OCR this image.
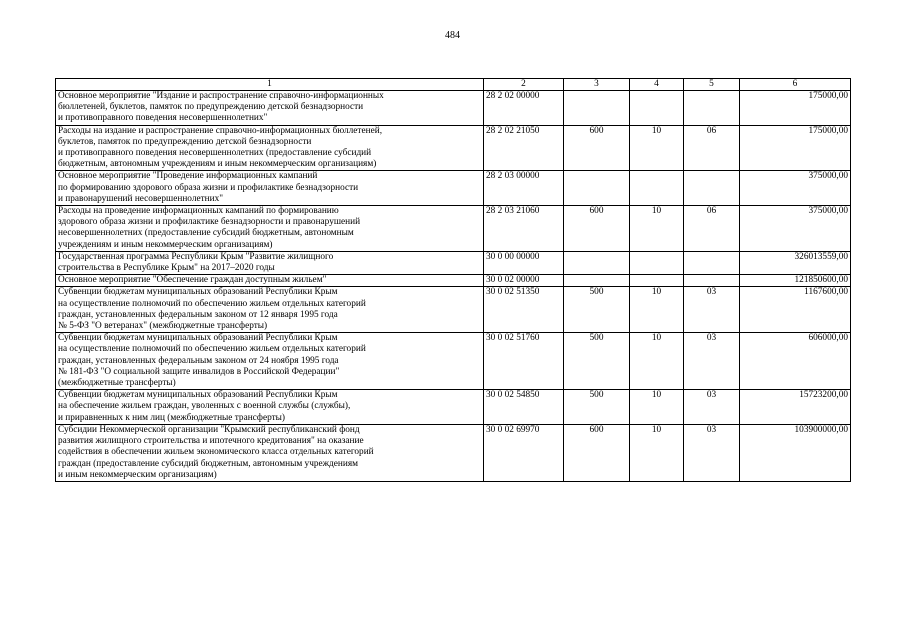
484
1	2	3	4	5	6
Основное мероприятие "Издание и распространение справочно-информационных
бюллетеней, буклетов, памяток по предупреждению детской безнадзорности
и противоправного поведения несовершеннолетних"	28 2 02 00000				175000,00
Расходы на издание и распространение справочно-информационных бюллетеней,
буклетов, памяток по предупреждению детской безнадзорности
и противоправного поведения несовершеннолетних (предоставление субсидий
бюджетным, автономным учреждениям и иным некоммерческим организациям)	28 2 02 21050	600	10	06	175000,00
Основное мероприятие "Проведение информационных кампаний
по формированию здорового образа жизни и профилактике безнадзорности
и правонарушений несовершеннолетних"	28 2 03 00000				375000,00
Расходы на проведение информационных кампаний по формированию
здорового образа жизни и профилактике безнадзорности и правонарушений
несовершеннолетних (предоставление субсидий бюджетным, автономным
учреждениям и иным некоммерческим организациям)	28 2 03 21060	600	10	06	375000,00
Государственная программа Республики Крым "Развитие жилищного
строительства в Республике Крым" на 2017–2020 годы	30 0 00 00000				326013559,00
Основное мероприятие "Обеспечение граждан доступным жильем"	30 0 02 00000				121850600,00
Субвенции бюджетам муниципальных образований Республики Крым
на осуществление полномочий по обеспечению жильем отдельных категорий
граждан, установленных федеральным законом от 12 января 1995 года
№ 5-ФЗ "О ветеранах" (межбюджетные трансферты)	30 0 02 51350	500	10	03	1167600,00
Субвенции бюджетам муниципальных образований Республики Крым
на осуществление полномочий по обеспечению жильем отдельных категорий
граждан, установленных федеральным законом от 24 ноября 1995 года
№ 181-ФЗ "О социальной защите инвалидов в Российской Федерации"
(межбюджетные трансферты)	30 0 02 51760	500	10	03	606000,00
Субвенции бюджетам муниципальных образований Республики Крым
на обеспечение жильем граждан, уволенных с военной службы (службы),
и приравненных к ним лиц (межбюджетные трансферты)	30 0 02 54850	500	10	03	15723200,00
Субсидии Некоммерческой организации "Крымский республиканский фонд
развития жилищного строительства и ипотечного кредитования" на оказание
содействия в обеспечении жильем экономического класса отдельных категорий
граждан (предоставление субсидий бюджетным, автономным учреждениям
и иным некоммерческим организациям)	30 0 02 69970	600	10	03	103900000,00
